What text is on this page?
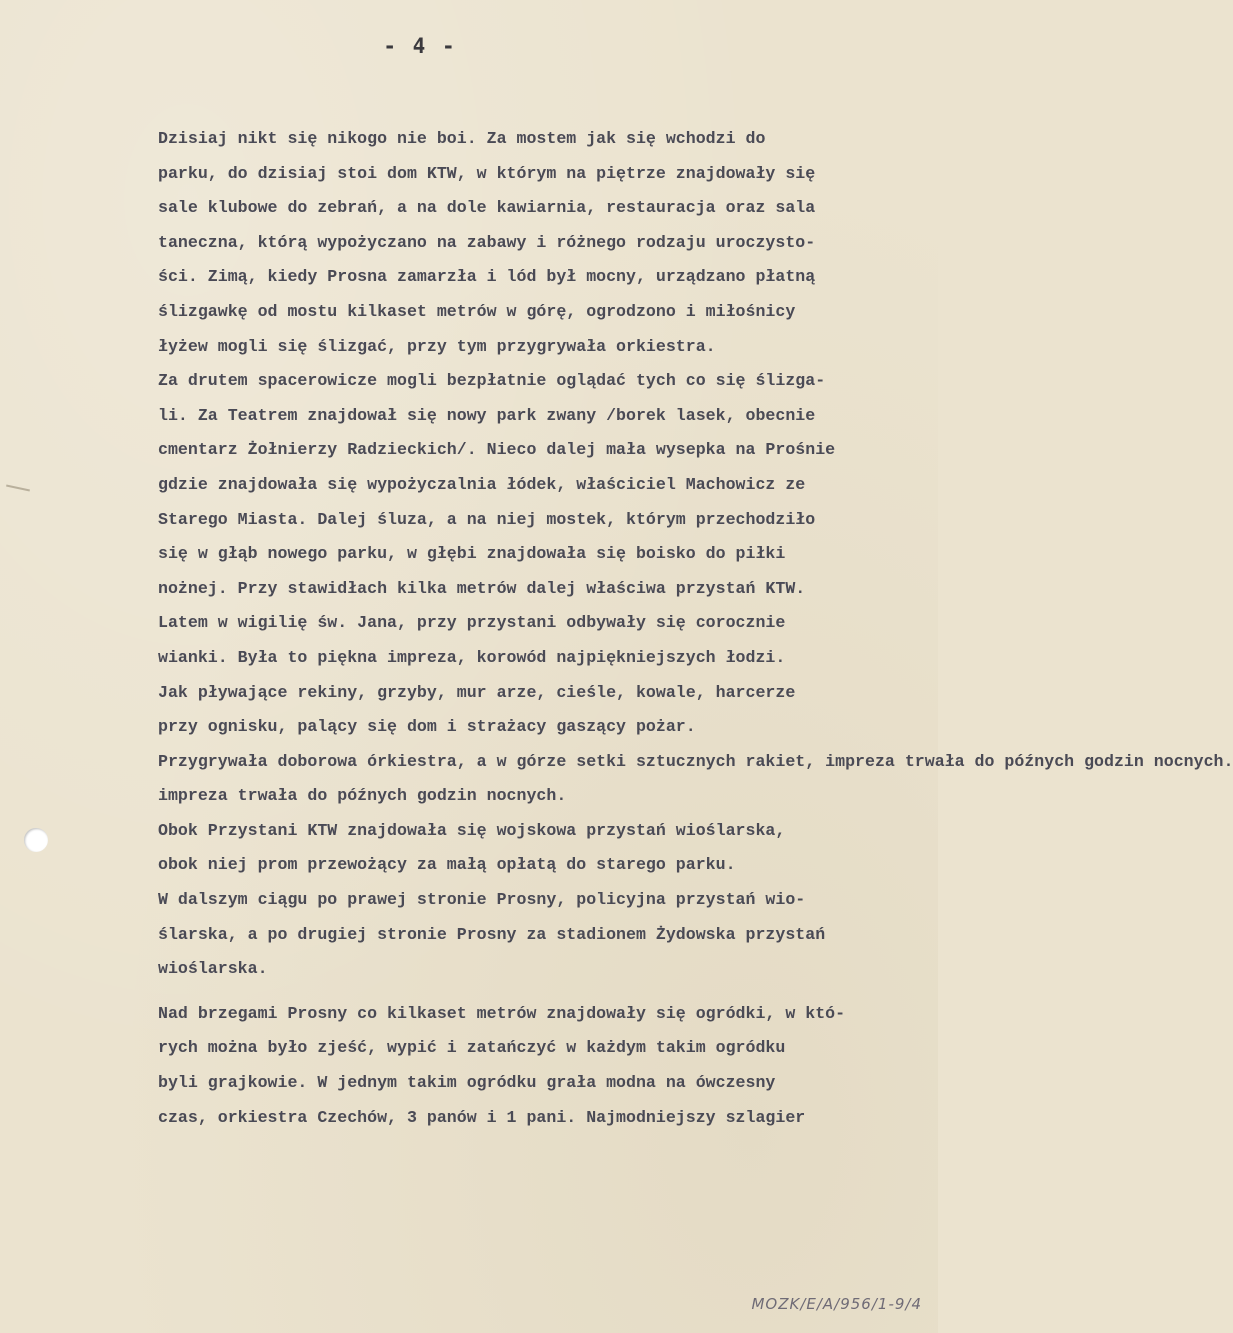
- 4 -
Dzisiaj nikt się nikogo nie boi. Za mostem jak się wchodzi do
parku, do dzisiaj stoi dom KTW, w którym na piętrze znajdowały się
sale klubowe do zebrań, a na dole kawiarnia, restauracja oraz sala
taneczna, którą wypożyczano na zabawy i różnego rodzaju uroczysto-
ści. Zimą, kiedy Prosna zamarzła i lód był mocny, urządzano płatną
ślizgawkę od mostu kilkaset metrów w górę, ogrodzono i miłośnicy
łyżew mogli się ślizgać, przy tym przygrywała orkiestra.
Za drutem spacerowicze mogli bezpłatnie oglądać tych co się ślizga-
li. Za Teatrem znajdował się nowy park zwany /borek lasek, obecnie
cmentarz Żołnierzy Radzieckich/. Nieco dalej mała wysepka na Prośnie
gdzie znajdowała się wypożyczalnia łódek, właściciel Machowicz ze
Starego Miasta. Dalej śluza, a na niej mostek, którym przechodziło
się w głąb nowego parku, w głębi znajdowała się boisko do piłki
nożnej. Przy stawidłach kilka metrów dalej właściwa przystań KTW.
Latem w wigilię św. Jana, przy przystani odbywały się corocznie
wianki. Była to piękna impreza, korowód najpiękniejszych łodzi.
Jak pływające rekiny, grzyby, mur arze, cieśle, kowale, harcerze
przy ognisku, palący się dom i strażacy gaszący pożar.
Przygrywała doborowa órkiestra, a w górze setki sztucznych rakiet, impreza trwała do późnych godzin nocnych.
impreza trwała do późnych godzin nocnych.
Obok Przystani KTW znajdowała się wojskowa przystań wioślarska,
obok niej prom przewożący za małą opłatą do starego parku.
W dalszym ciągu po prawej stronie Prosny, policyjna przystań wio-
ślarska, a po drugiej stronie Prosny za stadionem Żydowska przystań
wioślarska.
Nad brzegami Prosny co kilkaset metrów znajdowały się ogródki, w któ-
rych można było zjeść, wypić i zatańczyć w każdym takim ogródku
byli grajkowie. W jednym takim ogródku grała modna na ówczesny
czas, orkiestra Czechów, 3 panów i 1 pani. Najmodniejszy szlagier
MOZK/E/A/956/1-9/4
